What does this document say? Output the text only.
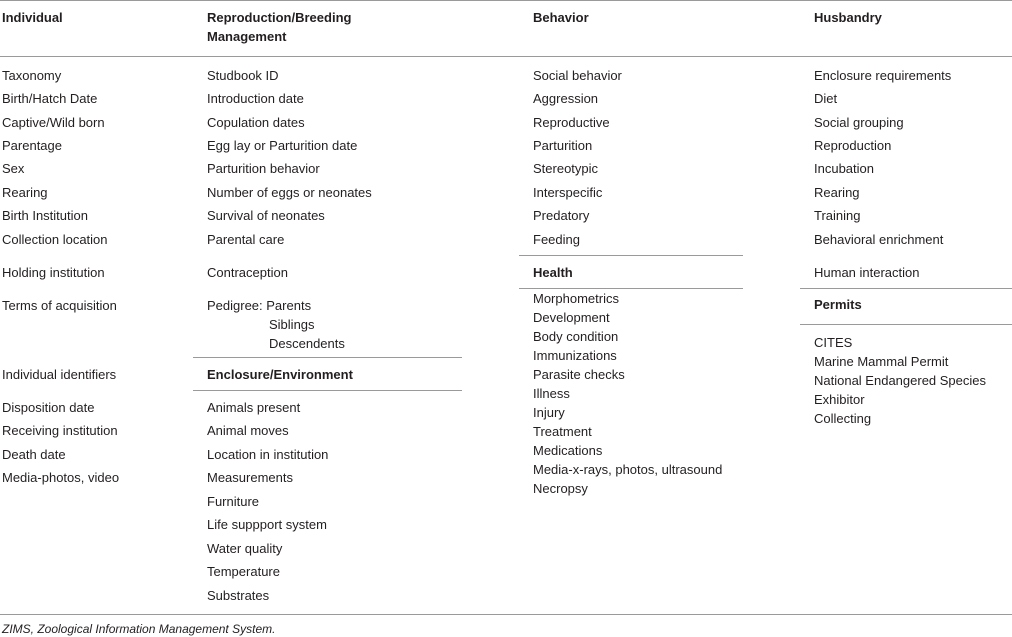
Individual	Reproduction/Breeding
Management
Behavior	Husbandry
Taxonomy
Birth/Hatch Date
Captive/Wild born
Parentage
Sex
Rearing
Birth Institution
Collection location
Holding institution
Terms of acquisition
Individual identifiers
Disposition date
Receiving institution
Death date
Media-photos, video
Studbook ID
Introduction date
Copulation dates
Egg lay or Parturition date
Parturition behavior
Number of eggs or neonates
Survival of neonates
Parental care
Contraception
Pedigree: Parents
Siblings
Descendents
Enclosure/Environment
Animals present
Animal moves
Location in institution
Measurements
Furniture
Life suppport system
Water quality
Temperature
Substrates
Social behavior
Aggression
Reproductive
Parturition
Stereotypic
Interspecific
Predatory
Feeding
Health
Morphometrics
Development
Body condition
Immunizations
Parasite checks
Illness
Injury
Treatment
Medications
Media-x-rays, photos, ultrasound
Necropsy
Enclosure requirements
Diet
Social grouping
Reproduction
Incubation
Rearing
Training
Behavioral enrichment
Human interaction
Permits
CITES
Marine Mammal Permit
National Endangered Species
Exhibitor
Collecting
ZIMS, Zoological Information Management System.
